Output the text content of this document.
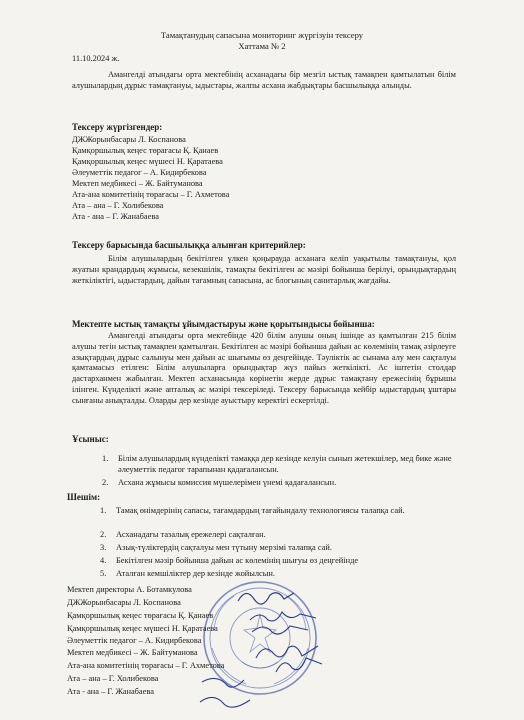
Тамақтанудың сапасына мониторинг жүргізуін тексеру
Хаттама № 2
11.10.2024 ж.
Амангелді атындағы орта мектебінің асханадағы бір мезгіл ыстық тамақпен қамтылатын білім алушылардың дұрыс тамақтануы, ыдыстары, жалпы асхана жабдықтары басшылыққа алынды.
Тексеру жүргізгендер:
ДЖЖорынбасары Л. Коспанова
Қамқоршылық кеңес төрағасы Қ. Қанаев
Қамқоршылық кеңес мүшесі Н. Қаратаева
Әлеуметтік педагог – А. Кидирбекова
Мектеп медбикесі – Ж. Байтуманова
Ата-ана комитетінің төрағасы – Г. Ахметова
Ата – ана – Г. Холибекова
Ата - ана – Г. Жанабаева
Тексеру барысында басшылыққа алынған критерийлер:
Білім алушылардың бекітілген үлкен қоңырауда асханаға келіп уақытылы тамақтануы, қол жуатын крандардың жұмысы, кезекшілік, тамақты бекітілген ас мәзірі бойынша берілуі, орындықтардың жеткіліктігі, ыдыстардың, дайын тағамның сапасына, ас блогының санитарлық жағдайы.
Мектепте ыстық тамақты ұйымдастыруы және қорытындысы бойынша:
Амангелді атындағы орта мектебінде 420 білім алушы оның ішінде аз қамтылған 215 білім алушы тегін ыстық тамақпен қамтылған. Бекітілген ас мәзірі бойынша дайын ас көлемінің тамақ әзірлеуге азықтардың дұрыс салынуы мен дайын ас шығымы өз деңгейінде. Тәуліктік ас сынама алу мен сақталуы қамтамасыз етілген: Білім алушыларға орындықтар жүз пайыз жеткілікті. Ас іштетін столдар дастарханмен жабылған. Мектеп асханасында көрінетін жерде дұрыс тамақтану ережесінің бұрышы ілінген. Күнделікті және апталық ас мәзірі тексеріледі. Тексеру барысында кейбір ыдыстардың ұштары сынғаны анықталды. Оларды дер кезінде ауыстыру керектігі ескертілді.
Ұсыныс:
1. Білім алушылардың күнделікті тамаққа дер кезінде келуін сынып жетекшілер, мед бике және әлеуметтік педагог тарапынан қадағалансын.
2. Асхана жұмысы комиссия мүшелерімен үнемі қадағалансын.
Шешім:
1. Тамақ өнімдерінің сапасы, тағамдардың тағайындалу технологиясы талапқа сай.
2. Асханадағы тазалық ережелері сақталған.
3. Азық-түліктердің сақталуы мен түтыну мерзімі талапқа сай.
4. Бекітілген мәзір бойынша дайын ас көлемінің шығуы өз деңгейінде
5. Аталған кемшіліктер дер кезінде жойылсын.
Мектеп директоры А. Ботамкулова
ДЖЖорынбасары Л. Коспанова
Қамқоршылық кеңес төрағасы Қ. Қанаев
Қамқоршылық кеңес мүшесі Н. Қаратаева
Әлеуметтік педагог – А. Кидирбекова
Мектеп медбикесі – Ж. Байтуманова
Ата-ана комитетінің төрағасы – Г. Ахметова
Ата – ана – Г. Холибекова
Ата - ана – Г. Жанабаева
